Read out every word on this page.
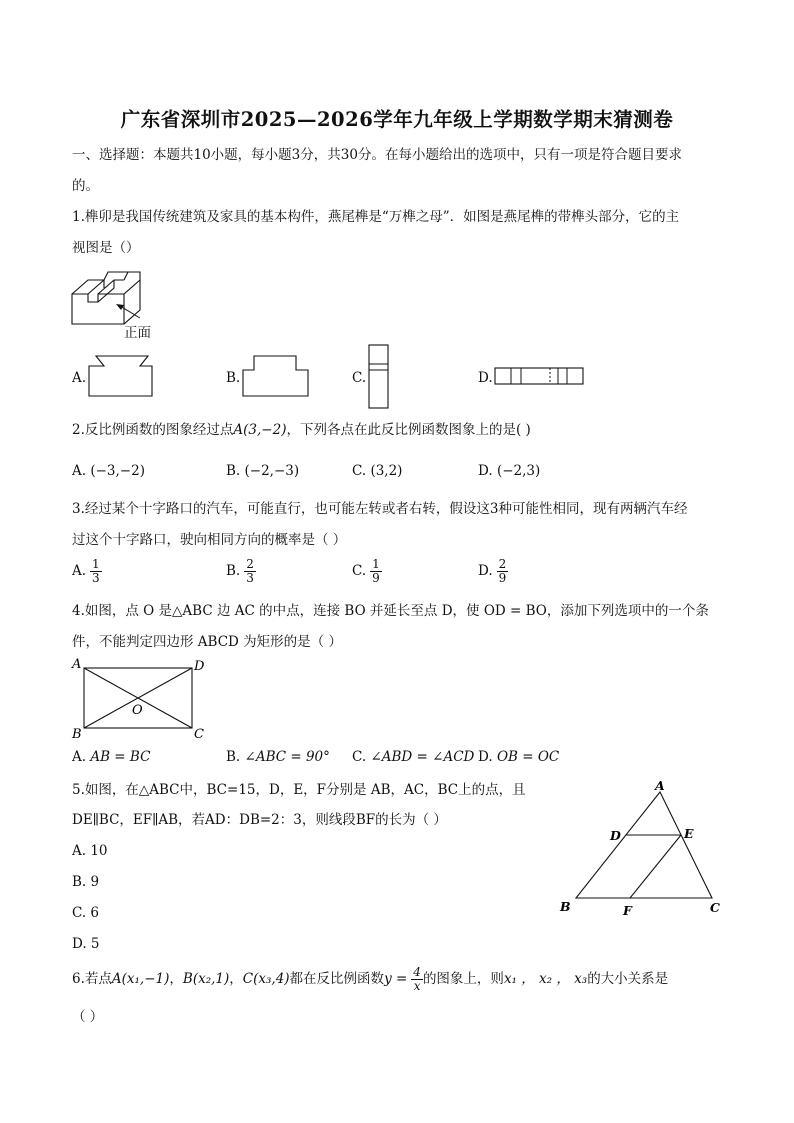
广东省深圳市2025—2026学年九年级上学期数学期末猜测卷
一、选择题：本题共10小题，每小题3分，共30分。在每小题给出的选项中，只有一项是符合题目要求
的。
1.榫卯是我国传统建筑及家具的基本构件，燕尾榫是“万榫之母”．如图是燕尾榫的带榫头部分，它的主
视图是（）
正面
A.	B.	C.	D.
2.反比例函数的图象经过点A(3,−2)，下列各点在此反比例函数图象上的是( )
A. (−3,−2)	B. (−2,−3)	C. (3,2)	D. (−2,3)
3.经过某个十字路口的汽车，可能直行，也可能左转或者右转，假设这3种可能性相同，现有两辆汽车经
过这个十字路口，驶向相同方向的概率是（ ）
A. $\frac{1}{3}$	B. $\frac{2}{3}$	C. $\frac{1}{9}$	D. $\frac{2}{9}$
4.如图，点 O 是△ABC 边 AC 的中点，连接 BO 并延长至点 D，使 OD = BO，添加下列选项中的一个条
件，不能判定四边形 ABCD 为矩形的是（ ）
A	D
B	C
O
A. AB = BC	B. ∠ABC = 90° C. ∠ABD = ∠ACD D. OB = OC
5.如图，在△ABC中，BC=15，D，E，F分别是 AB，AC，BC上的点，且
DE∥BC，EF∥AB，若AD：DB=2：3，则线段BF的长为（ ）
A. 10
B. 9
C. 6
D. 5
A
D	E
B	F	C
6.若点A(x₁,−1)，B(x₂,1)，C(x₃,4)都在反比例函数$y = \frac{4}{x}$ 的图象上，则x₁ ， x₂ ， x₃的大小关系是
（ ）
